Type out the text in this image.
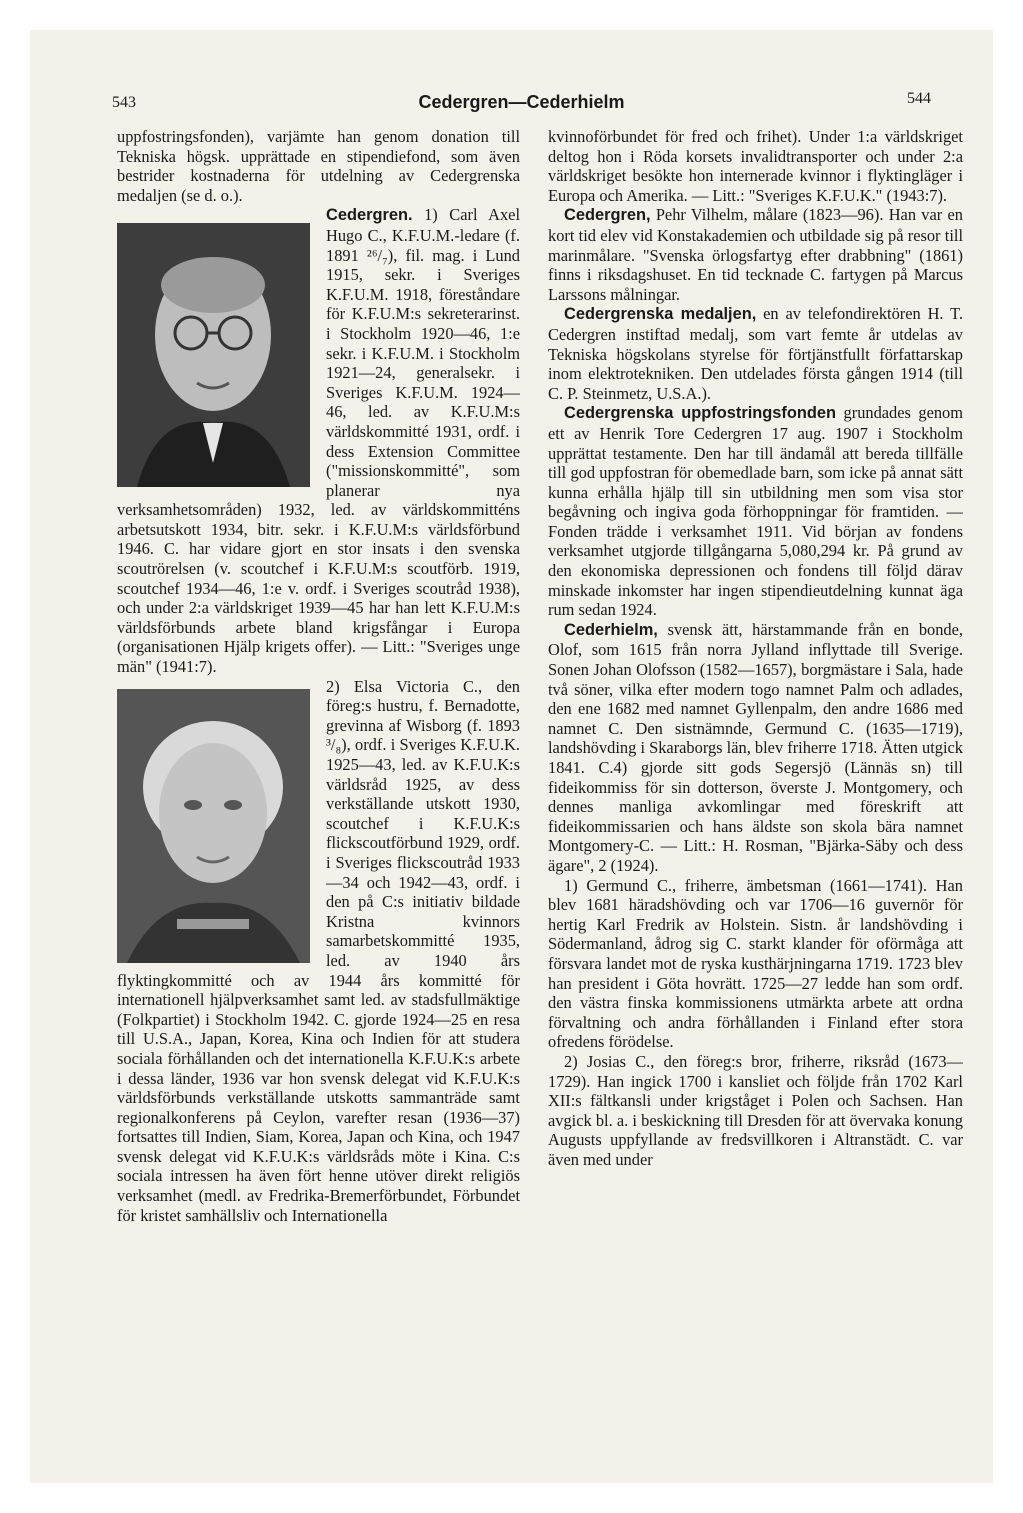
543	Cedergren—Cederhielm	544

uppfostringsfonden), varjämte han genom donation till Tekniska högsk. upprättade en stipendiefond, som även bestrider kostnaderna för utdelning av Cedergrenska medaljen (se d. o.).

Cedergren. 1) Carl Axel Hugo C., K.F.U.M.-ledare (f. 1891 ²⁶/₇), fil. mag. i Lund 1915, sekr. i Sveriges K.F.U.M. 1918, föreståndare för K.F.U.M:s sekreterarinst. i Stockholm 1920—46, 1:e sekr. i K.F.U.M. i Stockholm 1921—24, generalsekr. i Sveriges K.F.U.M. 1924—46, led. av K.F.U.M:s världskommitté 1931, ordf. i dess Extension Committee ("missionskommitté", som planerar nya verksamhetsområden) 1932, led. av världskommitténs arbetsutskott 1934, bitr. sekr. i K.F.U.M:s världsförbund 1946. C. har vidare gjort en stor insats i den svenska scoutrörelsen (v. scoutchef i K.F.U.M:s scoutförb. 1919, scoutchef 1934—46, 1:e v. ordf. i Sveriges scoutråd 1938), och under 2:a världskriget 1939—45 har han lett K.F.U.M:s världsförbunds arbete bland krigsfångar i Europa (organisationen Hjälp krigets offer). — Litt.: "Sveriges unge män" (1941:7).

2) Elsa Victoria C., den föreg:s hustru, f. Bernadotte, grevinna af Wisborg (f. 1893 ³/₈), ordf. i Sveriges K.F.U.K. 1925—43, led. av K.F.U.K:s världsråd 1925, av dess verkställande utskott 1930, scoutchef i K.F.U.K:s flickscoutförbund 1929, ordf. i Sveriges flickscoutråd 1933—34 och 1942—43, ordf. i den på C:s initiativ bildade Kristna kvinnors samarbetskommitté 1935, led. av 1940 års flyktingkommitté och av 1944 års kommitté för internationell hjälpverksamhet samt led. av stadsfullmäktige (Folkpartiet) i Stockholm 1942. C. gjorde 1924—25 en resa till U.S.A., Japan, Korea, Kina och Indien för att studera sociala förhållanden och det internationella K.F.U.K:s arbete i dessa länder, 1936 var hon svensk delegat vid K.F.U.K:s världsförbunds verkställande utskotts sammanträde samt regionalkonferens på Ceylon, varefter resan (1936—37) fortsattes till Indien, Siam, Korea, Japan och Kina, och 1947 svensk delegat vid K.F.U.K:s världsråds möte i Kina. C:s sociala intressen ha även fört henne utöver direkt religiös verksamhet (medl. av Fredrika-Bremerförbundet, Förbundet för kristet samhällsliv och Internationella

kvinnoförbundet för fred och frihet). Under 1:a världskriget deltog hon i Röda korsets invalidtransporter och under 2:a världskriget besökte hon internerade kvinnor i flyktingläger i Europa och Amerika. — Litt.: "Sveriges K.F.U.K." (1943:7).

Cedergren, Pehr Vilhelm, målare (1823—96). Han var en kort tid elev vid Konstakademien och utbildade sig på resor till marinmålare. "Svenska örlogsfartyg efter drabbning" (1861) finns i riksdagshuset. En tid tecknade C. fartygen på Marcus Larssons målningar.

Cedergrenska medaljen, en av telefondirektören H. T. Cedergren instiftad medalj, som vart femte år utdelas av Tekniska högskolans styrelse för förtjänstfullt författarskap inom elektrotekniken. Den utdelades första gången 1914 (till C. P. Steinmetz, U.S.A.).

Cedergrenska uppfostringsfonden grundades genom ett av Henrik Tore Cedergren 17 aug. 1907 i Stockholm upprättat testamente. Den har till ändamål att bereda tillfälle till god uppfostran för obemedlade barn, som icke på annat sätt kunna erhålla hjälp till sin utbildning men som visa stor begåvning och ingiva goda förhoppningar för framtiden. — Fonden trädde i verksamhet 1911. Vid början av fondens verksamhet utgjorde tillgångarna 5,080,294 kr. På grund av den ekonomiska depressionen och fondens till följd därav minskade inkomster har ingen stipendieutdelning kunnat äga rum sedan 1924.

Cederhielm, svensk ätt, härstammande från en bonde, Olof, som 1615 från norra Jylland inflyttade till Sverige. Sonen Johan Olofsson (1582—1657), borgmästare i Sala, hade två söner, vilka efter modern togo namnet Palm och adlades, den ene 1682 med namnet Gyllenpalm, den andre 1686 med namnet C. Den sistnämnde, Germund C. (1635—1719), landshövding i Skaraborgs län, blev friherre 1718. Ätten utgick 1841. C.4) gjorde sitt gods Segersjö (Lännäs sn) till fideikommiss för sin dotterson, överste J. Montgomery, och dennes manliga avkomlingar med föreskrift att fideikommissarien och hans äldste son skola bära namnet Montgomery-C. — Litt.: H. Rosman, "Bjärka-Säby och dess ägare", 2 (1924).

1) Germund C., friherre, ämbetsman (1661—1741). Han blev 1681 häradshövding och var 1706—16 guvernör för hertig Karl Fredrik av Holstein. Sistn. år landshövding i Södermanland, ådrog sig C. starkt klander för oförmåga att försvara landet mot de ryska kusthärjningarna 1719. 1723 blev han president i Göta hovrätt. 1725—27 ledde han som ordf. den västra finska kommissionens utmärkta arbete att ordna förvaltning och andra förhållanden i Finland efter stora ofredens förödelse.

2) Josias C., den föreg:s bror, friherre, riksråd (1673—1729). Han ingick 1700 i kansliet och följde från 1702 Karl XII:s fältkansli under krigståget i Polen och Sachsen. Han avgick bl. a. i beskickning till Dresden för att övervaka konung Augusts uppfyllande av fredsvillkoren i Altranstädt. C. var även med under
